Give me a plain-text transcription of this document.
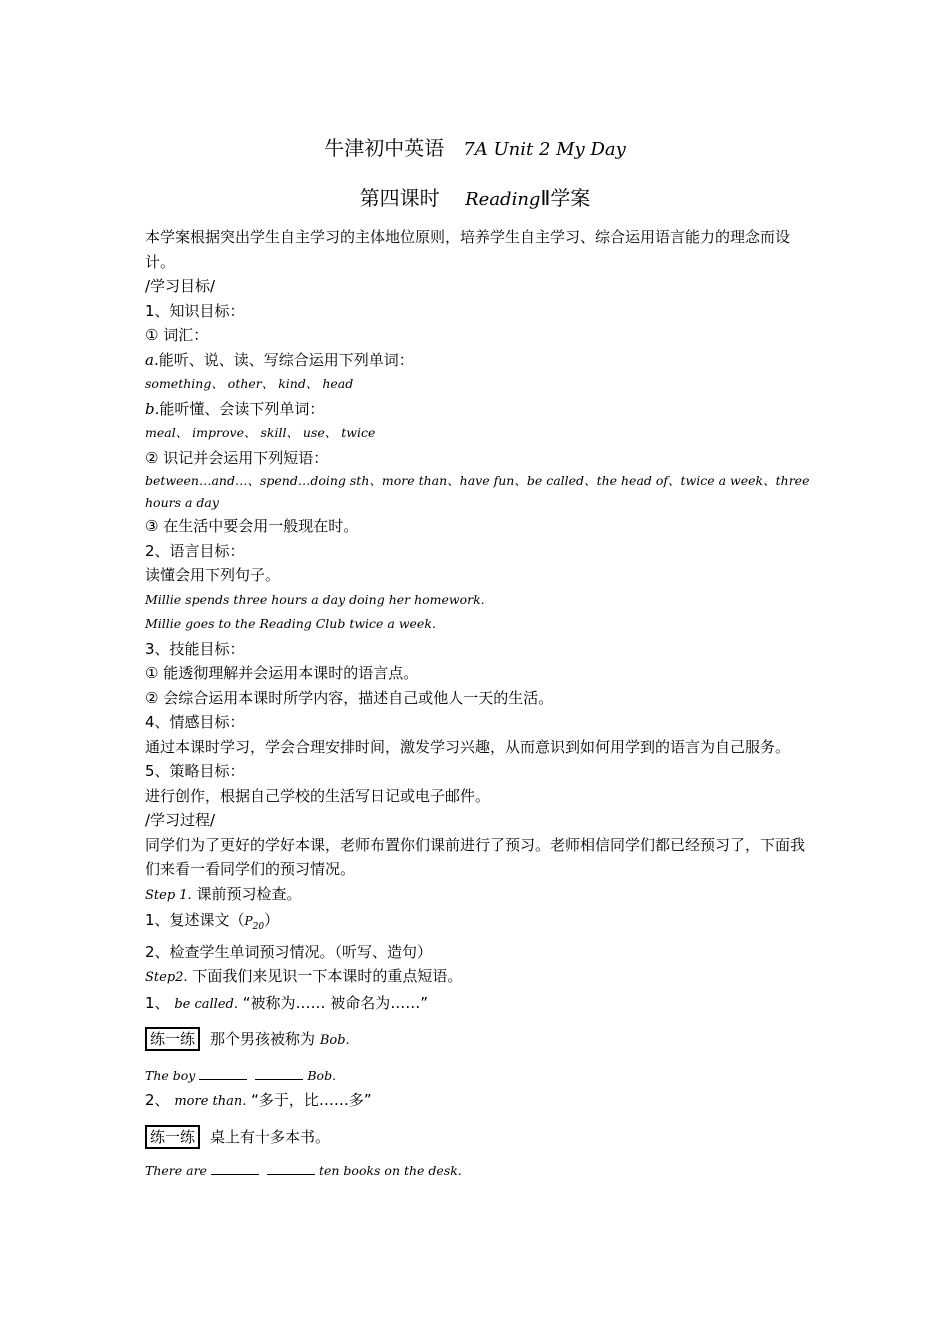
牛津初中英语 7A Unit 2 My Day
第四课时 ReadingⅡ学案
本学案根据突出学生自主学习的主体地位原则，培养学生自主学习、综合运用语言能力的理念而设计。
/学习目标/
1、知识目标：
① 词汇：
a.能听、说、读、写综合运用下列单词：
something、 other、 kind、 head
b.能听懂、会读下列单词：
meal、 improve、 skill、 use、 twice
② 识记并会运用下列短语：
between…and…、spend…doing sth、more than、have fun、be called、the head of、twice a week、three hours a day
③ 在生活中要会用一般现在时。
2、语言目标：
读懂会用下列句子。
Millie spends three hours a day doing her homework.
Millie goes to the Reading Club twice a week.
3、技能目标：
① 能透彻理解并会运用本课时的语言点。
② 会综合运用本课时所学内容，描述自己或他人一天的生活。
4、情感目标：
通过本课时学习，学会合理安排时间，激发学习兴趣，从而意识到如何用学到的语言为自己服务。
5、策略目标：
进行创作，根据自己学校的生活写日记或电子邮件。
/学习过程/
同学们为了更好的学好本课，老师布置你们课前进行了预习。老师相信同学们都已经预习了，下面我们来看一看同学们的预习情况。
Step 1. 课前预习检查。
1、复述课文$(P_{20})$
2、检查学生单词预习情况。（听写、造句）
Step2. 下面我们来见识一下本课时的重点短语。
1、 be called. “被称为…… 被命名为……”
练一练 那个男孩被称为 Bob.
The boy	Bob.
2、 more than. “多于，比……多”
练一练 桌上有十多本书。
There are	ten books on the desk.
